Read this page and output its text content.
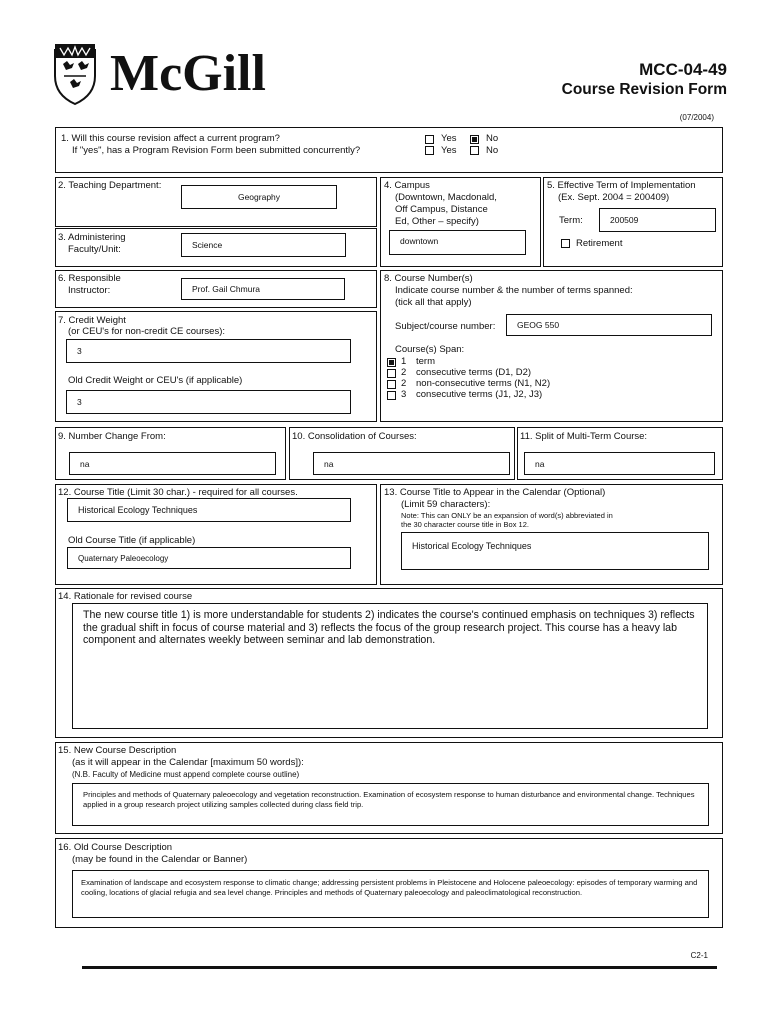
McGill	MCC-04-49
Course Revision Form
(07/2004)
1. Will this course revision affect a current program?
If "yes", has a Program Revision Form been submitted concurrently?
Yes	No
Yes	No
2. Teaching Department:
Geography
3. Administering
Faculty/Unit:	Science
4. Campus
(Downtown, Macdonald,
Off Campus, Distance
Ed, Other – specify)
downtown
5. Effective Term of Implementation
(Ex. Sept. 2004 = 200409)
Term:	200509
Retirement
6. Responsible
Instructor:	Prof. Gail Chmura
7. Credit Weight
(or CEU's for non-credit CE courses):
3
Old Credit Weight or CEU's (if applicable)
3
8. Course Number(s)
Indicate course number & the number of terms spanned:
(tick all that apply)
Subject/course number:	GEOG 550
Course(s) Span:
1 term
2 consecutive terms (D1, D2)
2 non-consecutive terms (N1, N2)
3 consecutive terms (J1, J2, J3)
9. Number Change From:
na
10. Consolidation of Courses:
na
11. Split of Multi-Term Course:
na
12. Course Title (Limit 30 char.) - required for all courses.
Historical Ecology Techniques
Old Course Title (if applicable)
Quaternary Paleoecology
13. Course Title to Appear in the Calendar (Optional)
(Limit 59 characters):
Note: This can ONLY be an expansion of word(s) abbreviated in
the 30 character course title in Box 12.
Historical Ecology Techniques
14. Rationale for revised course
The new course title 1) is more understandable for students 2) indicates the course's continued emphasis on techniques 3) reflects the gradual shift in focus of course material and 3) reflects the focus of the group research project. This course has a heavy lab component and alternates weekly between seminar and lab demonstration.
15. New Course Description
(as it will appear in the Calendar [maximum 50 words]):
(N.B. Faculty of Medicine must append complete course outline)
Principles and methods of Quaternary paleoecology and vegetation reconstruction. Examination of ecosystem response to human disturbance and environmental change. Techniques applied in a group research project utilizing samples collected during class field trip.
16. Old Course Description
(may be found in the Calendar or Banner)
Examination of landscape and ecosystem response to climatic change; addressing persistent problems in Pleistocene and Holocene paleoecology: episodes of temporary warming and cooling, locations of glacial refugia and sea level change. Principles and methods of Quaternary paleoecology and paleoclimatological reconstruction.
C2-1
